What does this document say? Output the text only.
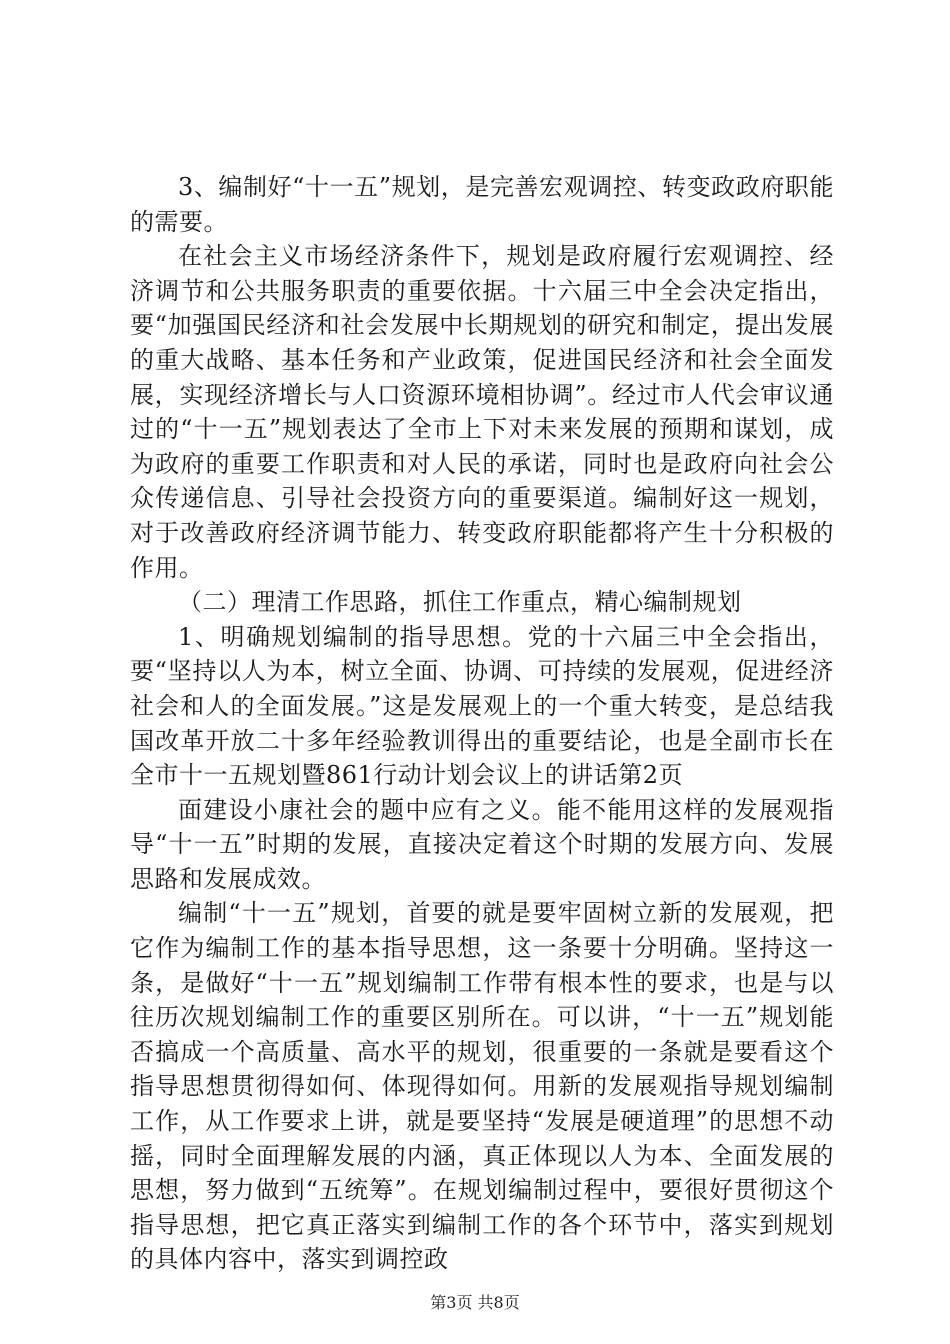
3、编制好“十一五”规划，是完善宏观调控、转变政政府职能的需要。

在社会主义市场经济条件下，规划是政府履行宏观调控、经济调节和公共服务职责的重要依据。十六届三中全会决定指出，要“加强国民经济和社会发展中长期规划的研究和制定，提出发展的重大战略、基本任务和产业政策，促进国民经济和社会全面发展，实现经济增长与人口资源环境相协调”。经过市人代会审议通过的“十一五”规划表达了全市上下对未来发展的预期和谋划，成为政府的重要工作职责和对人民的承诺，同时也是政府向社会公众传递信息、引导社会投资方向的重要渠道。编制好这一规划，对于改善政府经济调节能力、转变政府职能都将产生十分积极的作用。

（二）理清工作思路，抓住工作重点，精心编制规划

1、明确规划编制的指导思想。党的十六届三中全会指出，要“坚持以人为本，树立全面、协调、可持续的发展观，促进经济社会和人的全面发展。”这是发展观上的一个重大转变，是总结我国改革开放二十多年经验教训得出的重要结论，也是全副市长在全市十一五规划暨861行动计划会议上的讲话第2页

面建设小康社会的题中应有之义。能不能用这样的发展观指导“十一五”时期的发展，直接决定着这个时期的发展方向、发展思路和发展成效。

编制“十一五”规划，首要的就是要牢固树立新的发展观，把它作为编制工作的基本指导思想，这一条要十分明确。坚持这一条，是做好“十一五”规划编制工作带有根本性的要求，也是与以往历次规划编制工作的重要区别所在。可以讲，“十一五”规划能否搞成一个高质量、高水平的规划，很重要的一条就是要看这个指导思想贯彻得如何、体现得如何。用新的发展观指导规划编制工作，从工作要求上讲，就是要坚持“发展是硬道理”的思想不动摇，同时全面理解发展的内涵，真正体现以人为本、全面发展的思想，努力做到“五统筹”。在规划编制过程中，要很好贯彻这个指导思想，把它真正落实到编制工作的各个环节中，落实到规划的具体内容中，落实到调控政

第3页 共8页
